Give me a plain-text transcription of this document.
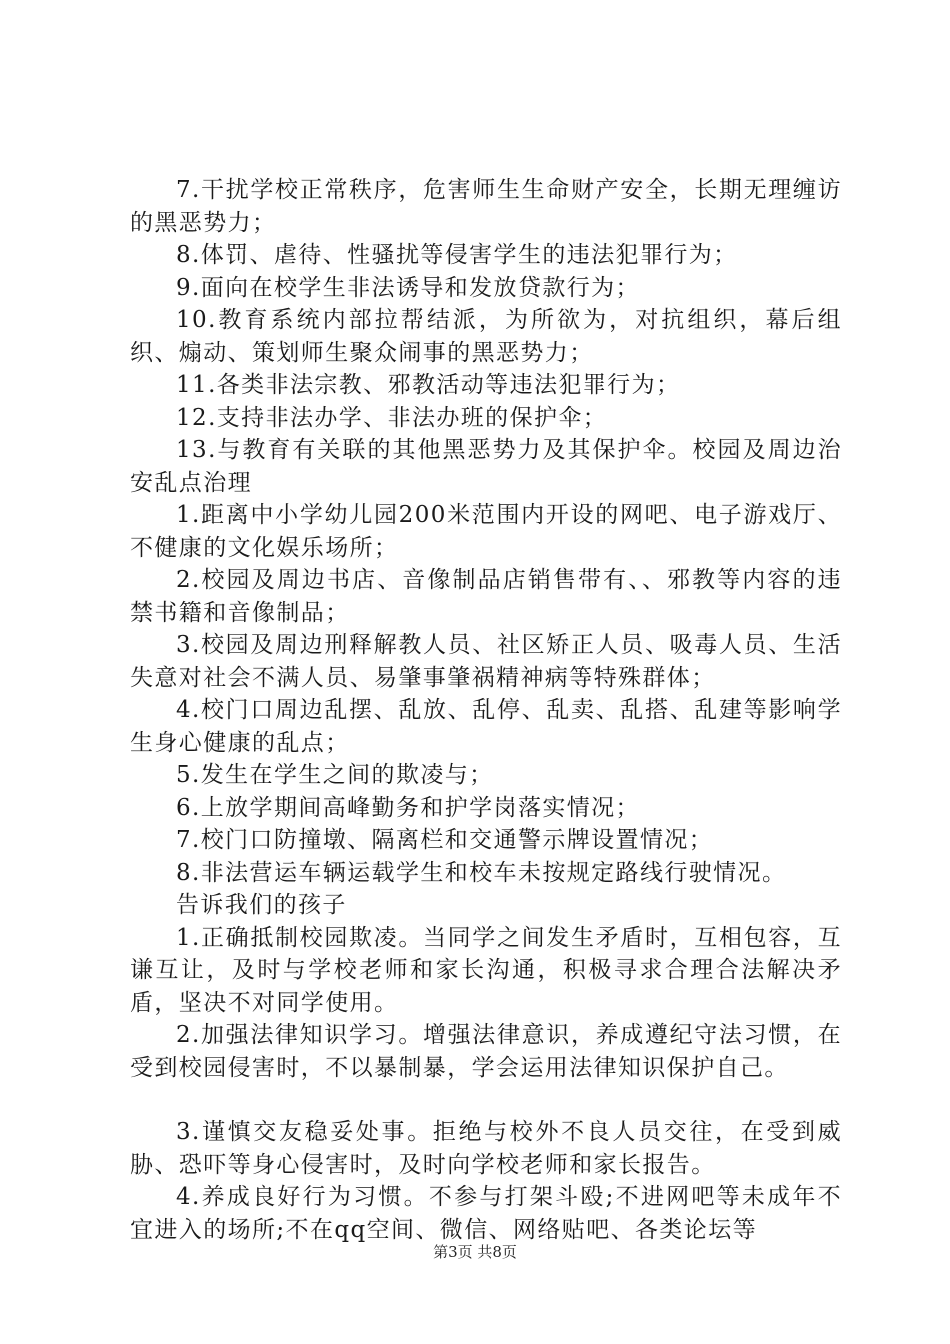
7.干扰学校正常秩序，危害师生生命财产安全，长期无理缠访的黑恶势力；

8.体罚、虐待、性骚扰等侵害学生的违法犯罪行为；

9.面向在校学生非法诱导和发放贷款行为；

10.教育系统内部拉帮结派，为所欲为，对抗组织，幕后组织、煽动、策划师生聚众闹事的黑恶势力；

11.各类非法宗教、邪教活动等违法犯罪行为；

12.支持非法办学、非法办班的保护伞；

13.与教育有关联的其他黑恶势力及其保护伞。校园及周边治安乱点治理

1.距离中小学幼儿园200米范围内开设的网吧、电子游戏厅、不健康的文化娱乐场所；

2.校园及周边书店、音像制品店销售带有、、邪教等内容的违禁书籍和音像制品；

3.校园及周边刑释解教人员、社区矫正人员、吸毒人员、生活失意对社会不满人员、易肇事肇祸精神病等特殊群体；

4.校门口周边乱摆、乱放、乱停、乱卖、乱搭、乱建等影响学生身心健康的乱点；

5.发生在学生之间的欺凌与；

6.上放学期间高峰勤务和护学岗落实情况；

7.校门口防撞墩、隔离栏和交通警示牌设置情况；

8.非法营运车辆运载学生和校车未按规定路线行驶情况。

告诉我们的孩子

1.正确抵制校园欺凌。当同学之间发生矛盾时，互相包容，互谦互让，及时与学校老师和家长沟通，积极寻求合理合法解决矛盾，坚决不对同学使用。

2.加强法律知识学习。增强法律意识，养成遵纪守法习惯，在受到校园侵害时，不以暴制暴，学会运用法律知识保护自己。

3.谨慎交友稳妥处事。拒绝与校外不良人员交往，在受到威胁、恐吓等身心侵害时，及时向学校老师和家长报告。

4.养成良好行为习惯。不参与打架斗殴;不进网吧等未成年不宜进入的场所;不在qq空间、微信、网络贴吧、各类论坛等

第3页 共8页
